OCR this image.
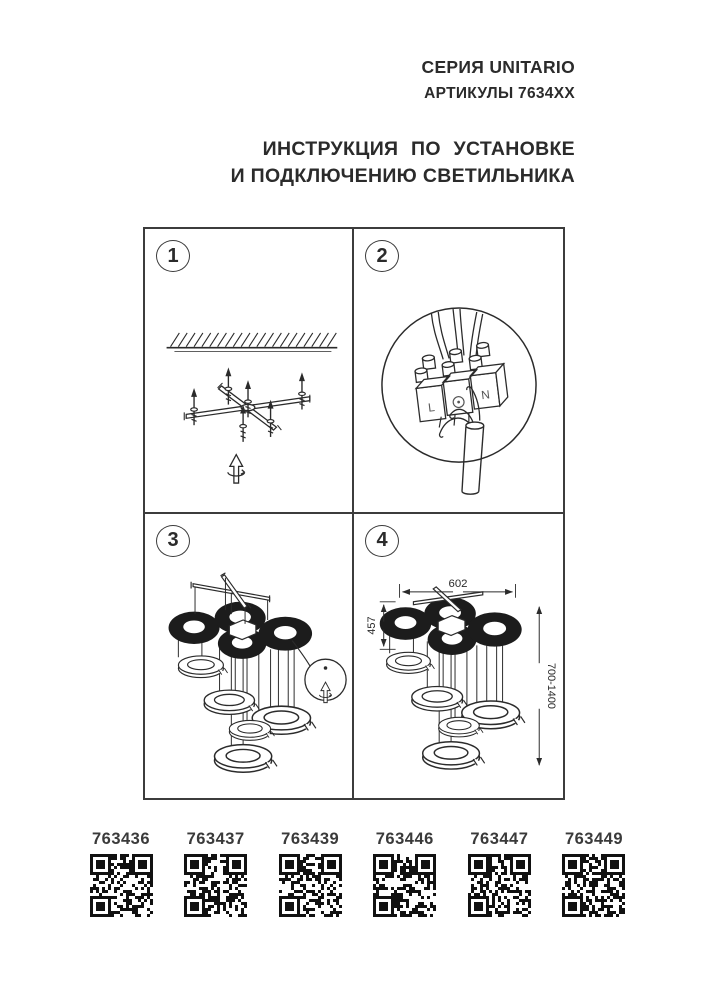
СЕРИЯ UNITARIO
АРТИКУЛЫ 7634XX
ИНСТРУКЦИЯ ПО УСТАНОВКЕ
И ПОДКЛЮЧЕНИЮ СВЕТИЛЬНИКА
1	2
L
N
3	4
602
457
700-1400
763436 763437 763439 763446 763447 763449
